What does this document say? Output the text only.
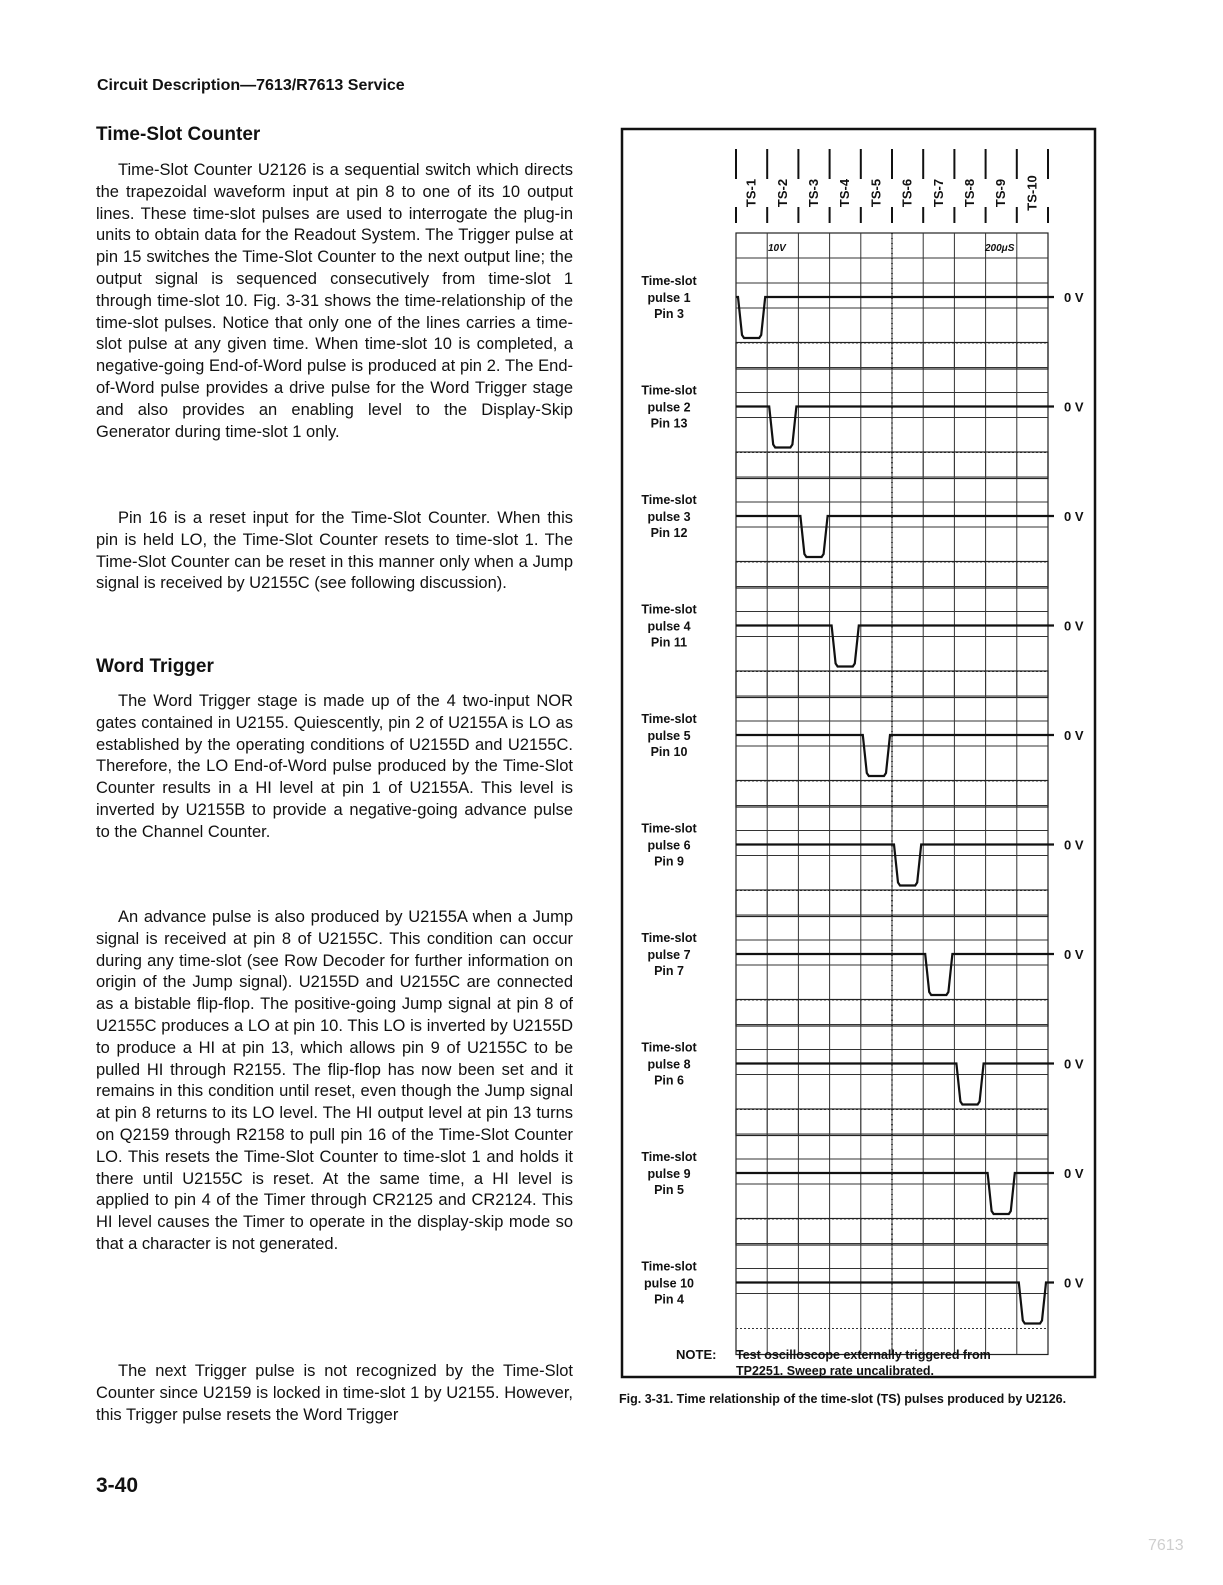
Circuit Description—7613/R7613 Service
Time-Slot Counter

Time-Slot Counter U2126 is a sequential switch which directs the trapezoidal waveform input at pin 8 to one of its 10 output lines. These time-slot pulses are used to interrogate the plug-in units to obtain data for the Readout System. The Trigger pulse at pin 15 switches the Time-Slot Counter to the next output line; the output signal is sequenced consecutively from time-slot 1 through time-slot 10. Fig. 3-31 shows the time-relationship of the time-slot pulses. Notice that only one of the lines carries a time-slot pulse at any given time. When time-slot 10 is completed, a negative-going End-of-Word pulse is produced at pin 2. The End-of-Word pulse provides a drive pulse for the Word Trigger stage and also provides an enabling level to the Display-Skip Generator during time-slot 1 only.

Pin 16 is a reset input for the Time-Slot Counter. When this pin is held LO, the Time-Slot Counter resets to time-slot 1. The Time-Slot Counter can be reset in this manner only when a Jump signal is received by U2155C (see following discussion).

Word Trigger

The Word Trigger stage is made up of the 4 two-input NOR gates contained in U2155. Quiescently, pin 2 of U2155A is LO as established by the operating conditions of U2155D and U2155C. Therefore, the LO End-of-Word pulse produced by the Time-Slot Counter results in a HI level at pin 1 of U2155A. This level is inverted by U2155B to provide a negative-going advance pulse to the Channel Counter.

An advance pulse is also produced by U2155A when a Jump signal is received at pin 8 of U2155C. This condition can occur during any time-slot (see Row Decoder for further information on origin of the Jump signal). U2155D and U2155C are connected as a bistable flip-flop. The positive-going Jump signal at pin 8 of U2155C produces a LO at pin 10. This LO is inverted by U2155D to produce a HI at pin 13, which allows pin 9 of U2155C to be pulled HI through R2155. The flip-flop has now been set and it remains in this condition until reset, even though the Jump signal at pin 8 returns to its LO level. The HI output level at pin 13 turns on Q2159 through R2158 to pull pin 16 of the Time-Slot Counter LO. This resets the Time-Slot Counter to time-slot 1 and holds it there until U2155C is reset. At the same time, a HI level is applied to pin 4 of the Timer through CR2125 and CR2124. This HI level causes the Timer to operate in the display-skip mode so that a character is not generated.

The next Trigger pulse is not recognized by the Time-Slot Counter since U2159 is locked in time-slot 1 by U2155. However, this Trigger pulse resets the Word Trigger

TS-1 TS-2 TS-3 TS-4 TS-5 TS-6 TS-7 TS-8 TS-9 TS-10
Time-slot
pulse 1
Pin 3
0 V
10V	200μS
Time-slot
pulse 2
Pin 13
0 V
Time-slot
pulse 3
Pin 12
0 V
Time-slot
pulse 4
Pin 11
0 V
Time-slot
pulse 5
Pin 10
0 V
Time-slot
pulse 6
Pin 9
0 V
Time-slot
pulse 7
Pin 7
0 V
Time-slot
pulse 8
Pin 6
0 V
Time-slot
pulse 9
Pin 5
0 V
Time-slot
pulse 10
Pin 4
0 V
NOTE: Test oscilloscope externally triggered from
TP2251. Sweep rate uncalibrated.
Fig. 3-31. Time relationship of the time-slot (TS) pulses produced by U2126.
3-40
7613
